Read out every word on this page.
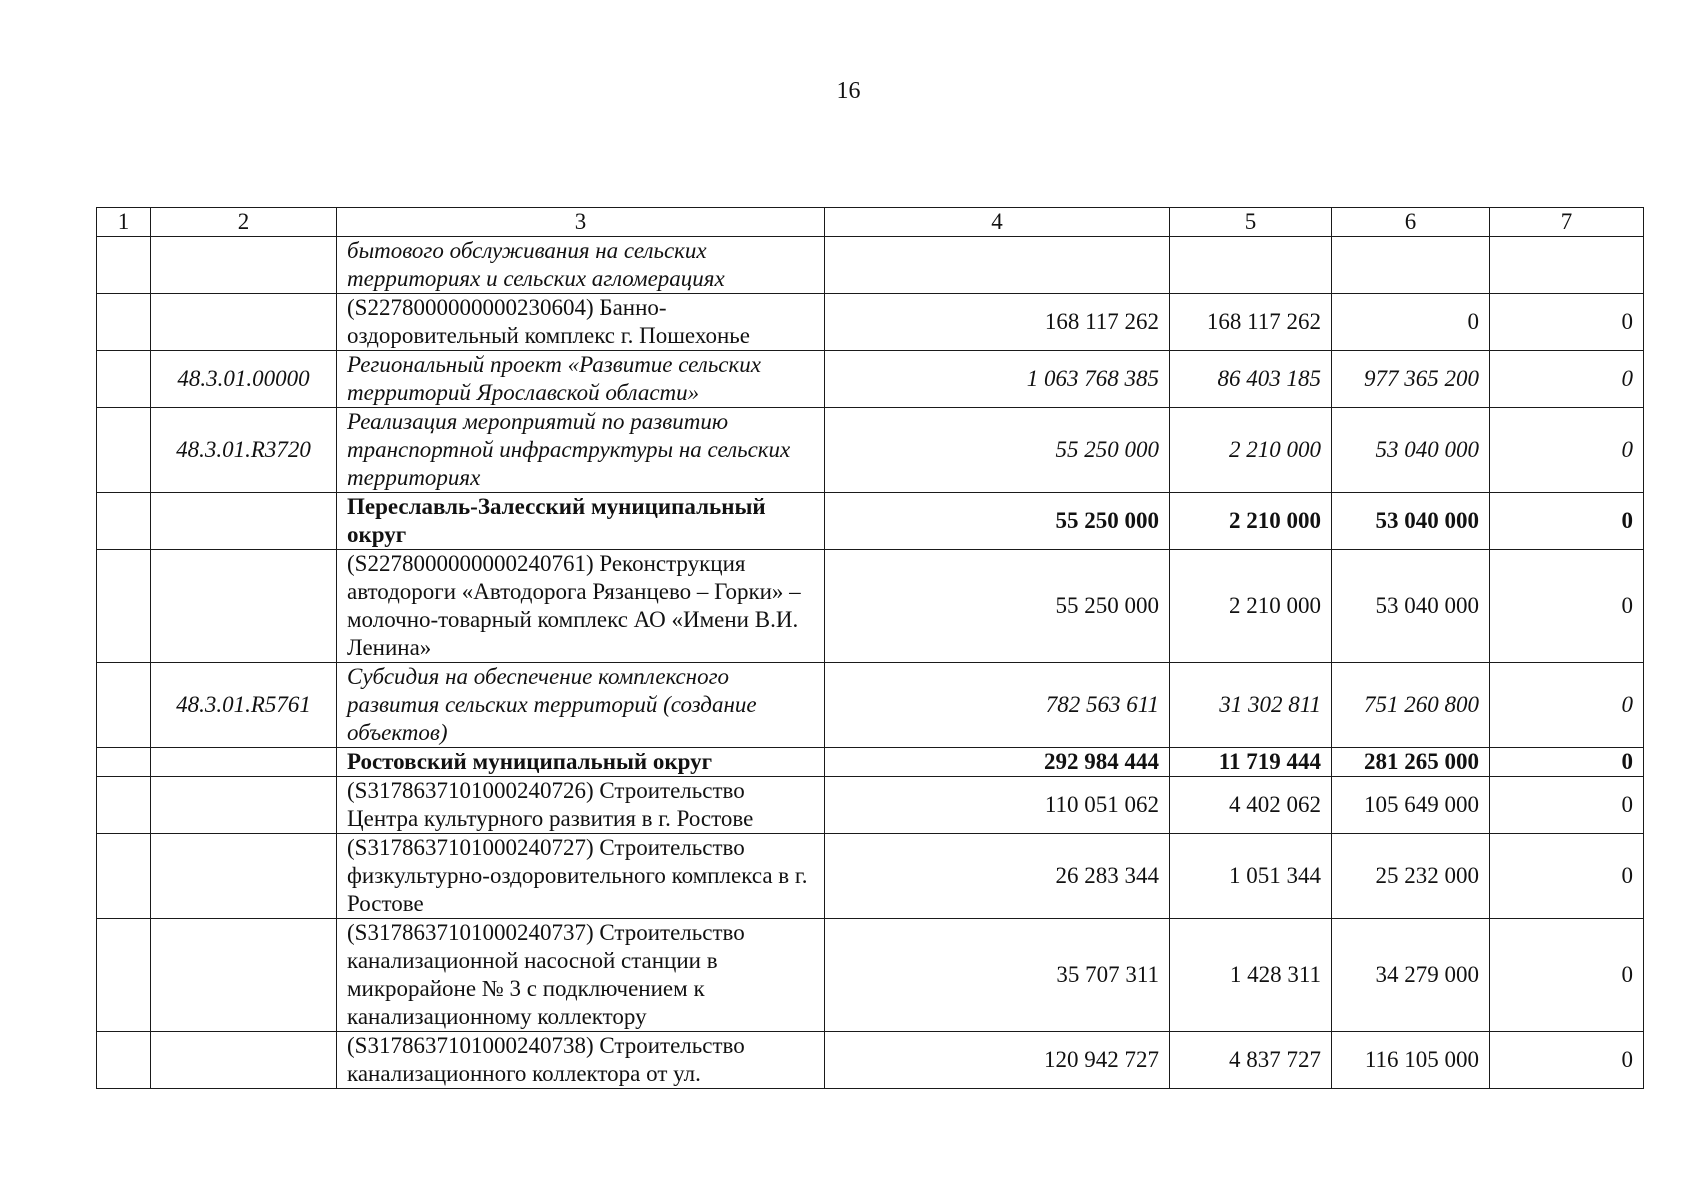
16
1	2	3	4	5	6	7
		бытового обслуживания на сельских территориях и сельских агломерациях				
		(S2278000000000230604) Банно-оздоровительный комплекс г. Пошехонье	168 117 262	168 117 262	0	0
	48.3.01.00000	Региональный проект «Развитие сельских территорий Ярославской области»	1 063 768 385	86 403 185	977 365 200	0
	48.3.01.R3720	Реализация мероприятий по развитию транспортной инфраструктуры на сельских территориях	55 250 000	2 210 000	53 040 000	0
		Переславль-Залесский муниципальный округ	55 250 000	2 210 000	53 040 000	0
		(S2278000000000240761) Реконструкция автодороги «Автодорога Рязанцево – Горки» – молочно-товарный комплекс АО «Имени В.И. Ленина»	55 250 000	2 210 000	53 040 000	0
	48.3.01.R5761	Субсидия на обеспечение комплексного развития сельских территорий (создание объектов)	782 563 611	31 302 811	751 260 800	0
		Ростовский муниципальный округ	292 984 444	11 719 444	281 265 000	0
		(S3178637101000240726) Строительство Центра культурного развития в г. Ростове	110 051 062	4 402 062	105 649 000	0
		(S3178637101000240727) Строительство физкультурно-оздоровительного комплекса в г. Ростове	26 283 344	1 051 344	25 232 000	0
		(S3178637101000240737) Строительство канализационной насосной станции в микрорайоне № 3 с подключением к канализационному коллектору	35 707 311	1 428 311	34 279 000	0
		(S3178637101000240738) Строительство канализационного коллектора от ул.	120 942 727	4 837 727	116 105 000	0
